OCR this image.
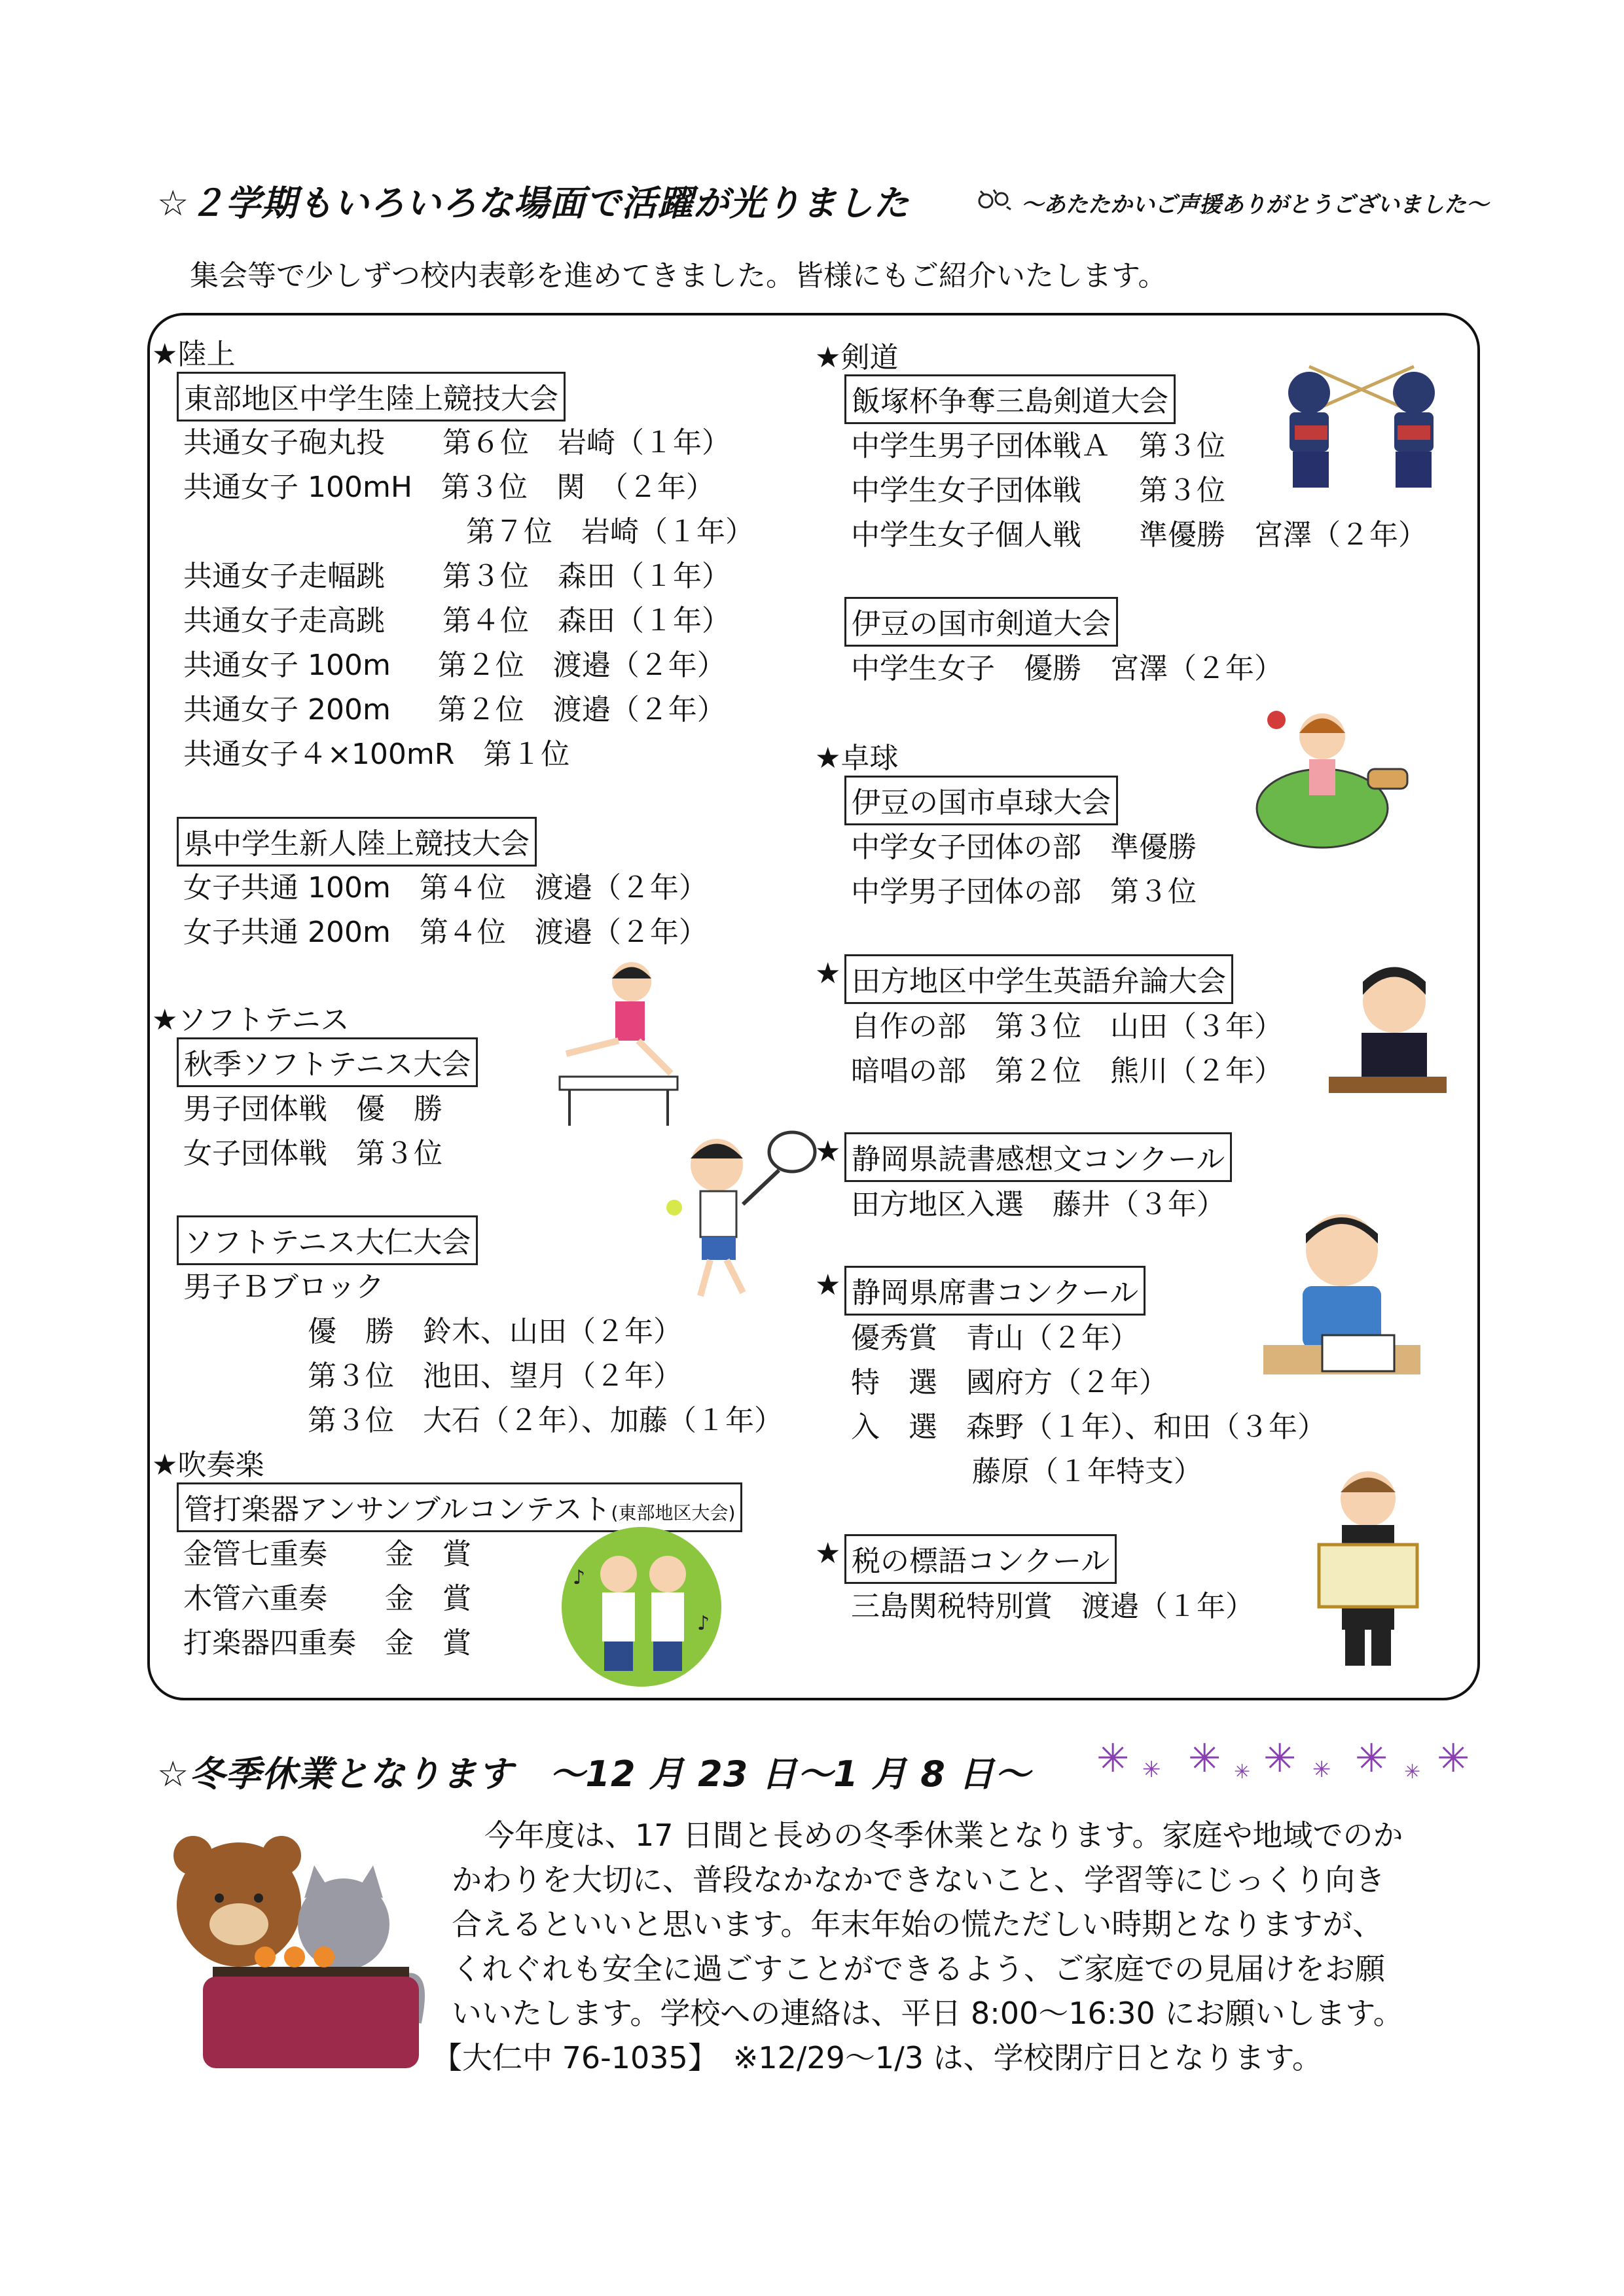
☆２学期もいろいろな場面で活躍が光りました	～あたたかいご声援ありがとうございました～
集会等で少しずつ校内表彰を進めてきました。皆様にもご紹介いたします。
★陸上
東部地区中学生陸上競技大会
共通女子砲丸投　　第６位　岩崎（１年）
共通女子 100mH　第３位　関　（２年）
第７位　岩崎（１年）
共通女子走幅跳　　第３位　森田（１年）
共通女子走高跳　　第４位　森田（１年）
共通女子 100m 　 第２位　渡邉（２年）
共通女子 200m 　 第２位　渡邉（２年）
共通女子４×100mR　第１位
県中学生新人陸上競技大会
女子共通 100m　第４位　渡邉（２年）
女子共通 200m　第４位　渡邉（２年）
★ソフトテニス
秋季ソフトテニス大会
男子団体戦　優　勝
女子団体戦　第３位
ソフトテニス大仁大会
男子Ｂブロック
優　勝　鈴木、山田（２年）
第３位　池田、望月（２年）
第３位　大石（２年）、加藤（１年）
★吹奏楽
管打楽器アンサンブルコンテスト(東部地区大会)
金管七重奏　　金　賞
木管六重奏　　金　賞
打楽器四重奏　金　賞
★剣道
飯塚杯争奪三島剣道大会
中学生男子団体戦Ａ　第３位
中学生女子団体戦　　第３位
中学生女子個人戦　　準優勝　宮澤（２年）
伊豆の国市剣道大会
中学生女子　優勝　宮澤（２年）
★卓球
伊豆の国市卓球大会
中学女子団体の部　準優勝
中学男子団体の部　第３位
★ 田方地区中学生英語弁論大会
自作の部　第３位　山田（３年）
暗唱の部　第２位　熊川（２年）
★ 静岡県読書感想文コンクール
田方地区入選　藤井（３年）
★ 静岡県席書コンクール
優秀賞　青山（２年）
特　選　國府方（２年）
入　選　森野（１年）、和田（３年）
藤原（１年特支）
★ 税の標語コンクール
三島関税特別賞　渡邉（１年）
♪
♪
☆冬季休業となります　～12 月 23 日～1 月 8 日～ ✳ ✳ ✳ ✳ ✳ ✳ ✳ ✳ ✳
今年度は、17 日間と長めの冬季休業となります。家庭や地域でのか
かわりを大切に、普段なかなかできないこと、学習等にじっくり向き
合えるといいと思います。年末年始の慌ただしい時期となりますが、
くれぐれも安全に過ごすことができるよう、ご家庭での見届けをお願
いいたします。学校への連絡は、平日 8:00～16:30 にお願いします。
【大仁中 76-1035】　※12/29～1/3 は、学校閉庁日となります。
